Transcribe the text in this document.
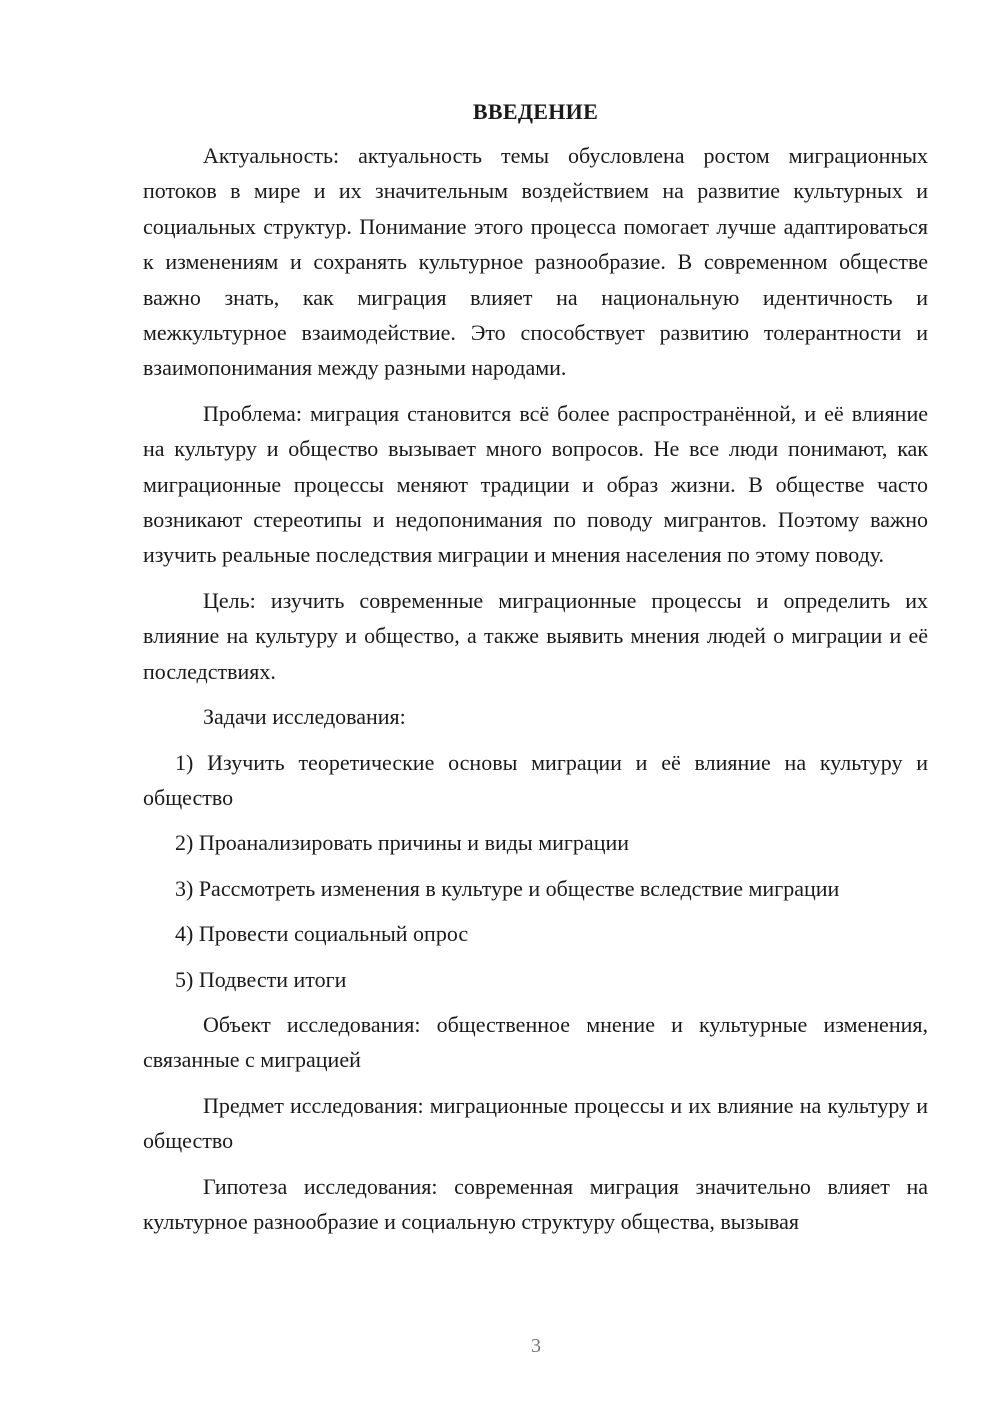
ВВЕДЕНИЕ

Актуальность: актуальность темы обусловлена ростом миграционных потоков в мире и их значительным воздействием на развитие культурных и социальных структур. Понимание этого процесса помогает лучше адаптироваться к изменениям и сохранять культурное разнообразие. В современном обществе важно знать, как миграция влияет на национальную идентичность и межкультурное взаимодействие. Это способствует развитию толерантности и взаимопонимания между разными народами.

Проблема: миграция становится всё более распространённой, и её влияние на культуру и общество вызывает много вопросов. Не все люди понимают, как миграционные процессы меняют традиции и образ жизни. В обществе часто возникают стереотипы и недопонимания по поводу мигрантов. Поэтому важно изучить реальные последствия миграции и мнения населения по этому поводу.

Цель: изучить современные миграционные процессы и определить их влияние на культуру и общество, а также выявить мнения людей о миграции и её последствиях.

Задачи исследования:

1) Изучить теоретические основы миграции и её влияние на культуру и общество

2) Проанализировать причины и виды миграции

3) Рассмотреть изменения в культуре и обществе вследствие миграции

4) Провести социальный опрос

5) Подвести итоги

Объект исследования: общественное мнение и культурные изменения, связанные с миграцией

Предмет исследования: миграционные процессы и их влияние на культуру и общество

Гипотеза исследования: современная миграция значительно влияет на культурное разнообразие и социальную структуру общества, вызывая

3
